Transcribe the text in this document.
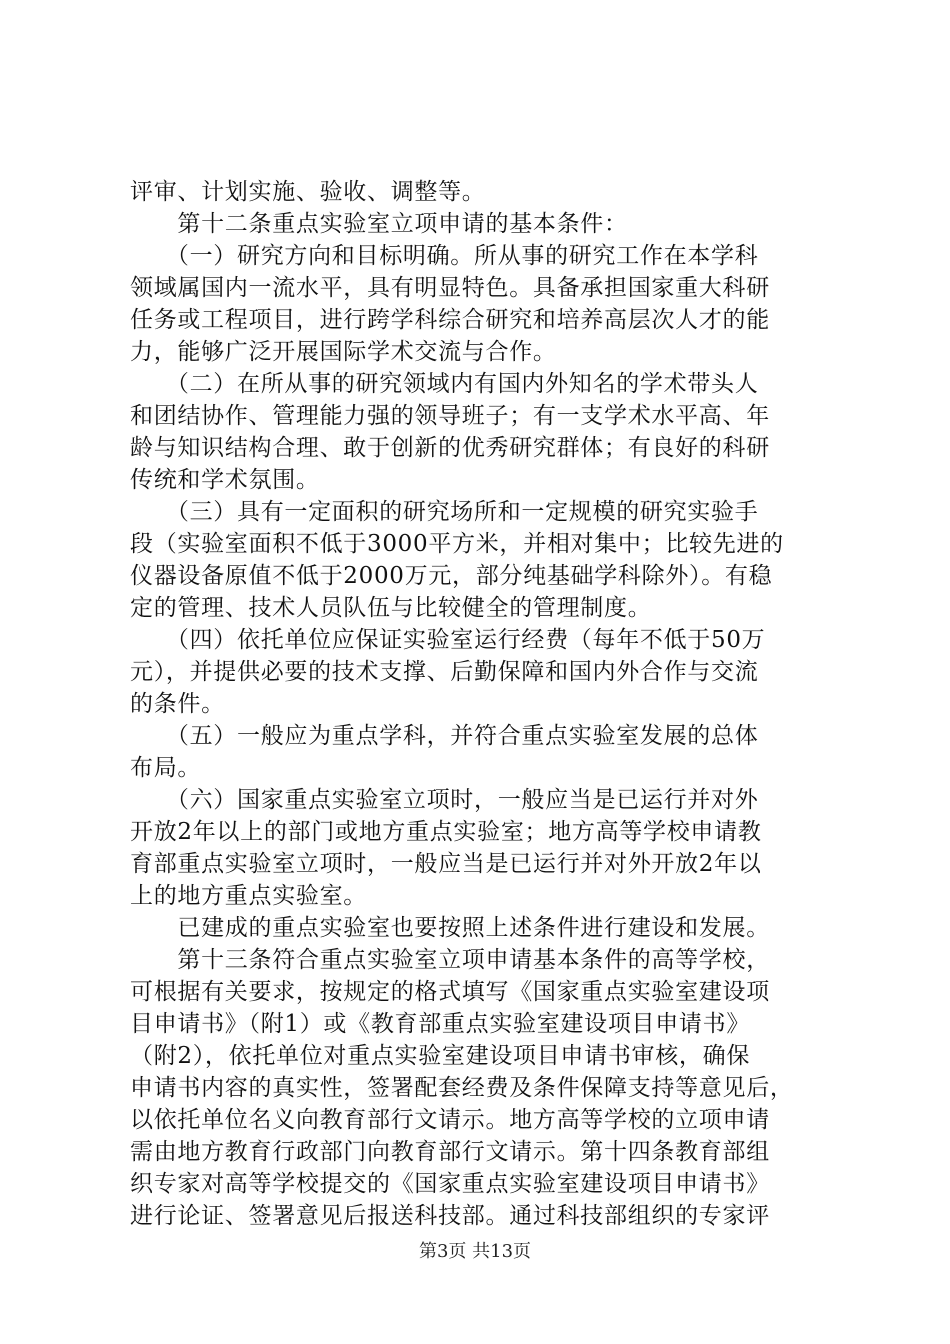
评审、计划实施、验收、调整等。
　　第十二条重点实验室立项申请的基本条件：
　　（一）研究方向和目标明确。所从事的研究工作在本学科
领域属国内一流水平，具有明显特色。具备承担国家重大科研
任务或工程项目，进行跨学科综合研究和培养高层次人才的能
力，能够广泛开展国际学术交流与合作。
　　（二）在所从事的研究领域内有国内外知名的学术带头人
和团结协作、管理能力强的领导班子；有一支学术水平高、年
龄与知识结构合理、敢于创新的优秀研究群体；有良好的科研
传统和学术氛围。
　　（三）具有一定面积的研究场所和一定规模的研究实验手
段（实验室面积不低于3000平方米，并相对集中；比较先进的
仪器设备原值不低于2000万元，部分纯基础学科除外）。有稳
定的管理、技术人员队伍与比较健全的管理制度。
　　（四）依托单位应保证实验室运行经费（每年不低于50万
元），并提供必要的技术支撑、后勤保障和国内外合作与交流
的条件。
　　（五）一般应为重点学科，并符合重点实验室发展的总体
布局。
　　（六）国家重点实验室立项时，一般应当是已运行并对外
开放2年以上的部门或地方重点实验室；地方高等学校申请教
育部重点实验室立项时，一般应当是已运行并对外开放2年以
上的地方重点实验室。
　　已建成的重点实验室也要按照上述条件进行建设和发展。
　　第十三条符合重点实验室立项申请基本条件的高等学校，
可根据有关要求，按规定的格式填写《国家重点实验室建设项
目申请书》（附1）或《教育部重点实验室建设项目申请书》
（附2），依托单位对重点实验室建设项目申请书审核，确保
申请书内容的真实性，签署配套经费及条件保障支持等意见后，
以依托单位名义向教育部行文请示。地方高等学校的立项申请
需由地方教育行政部门向教育部行文请示。第十四条教育部组
织专家对高等学校提交的《国家重点实验室建设项目申请书》
进行论证、签署意见后报送科技部。通过科技部组织的专家评
第3页 共13页
